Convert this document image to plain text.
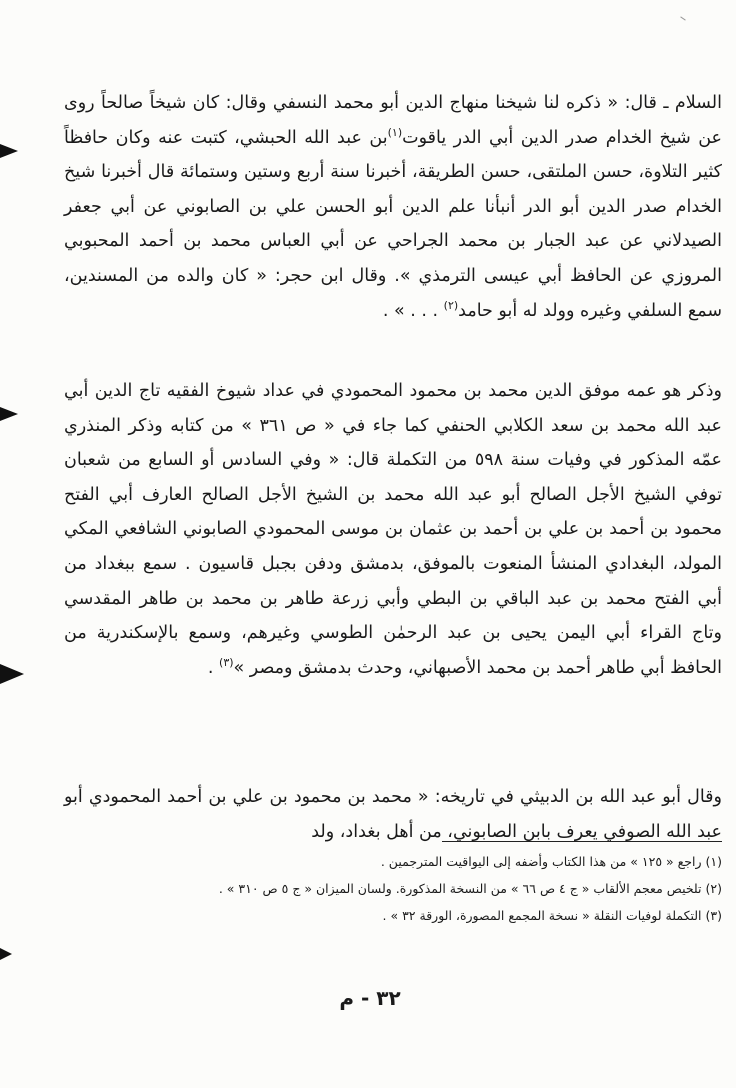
السلام ـ قال: « ذكره لنا شيخنا منهاج الدين أبو محمد النسفي وقال: كان شيخاً صالحاً روى عن شيخ الخدام صدر الدين أبي الدر ياقوت$^{(١)}$بن عبد الله الحبشي، كتبت عنه وكان حافظاً كثير التلاوة، حسن الملتقى، حسن الطريقة، أخبرنا سنة أربع وستين وستمائة قال أخبرنا شيخ الخدام صدر الدين أبو الدر أنبأنا علم الدين أبو الحسن علي بن الصابوني عن أبي جعفر الصيدلاني عن عبد الجبار بن محمد الجراحي عن أبي العباس محمد بن أحمد المحبوبي المروزي عن الحافظ أبي عيسى الترمذي ». وقال ابن حجر: « كان والده من المسندين، سمع السلفي وغيره وولد له أبو حامد$^{(٢)}$ . . . » .

وذكر هو عمه موفق الدين محمد بن محمود المحمودي في عداد شيوخ الفقيه تاج الدين أبي عبد الله محمد بن سعد الكلابي الحنفي كما جاء في « ص ٣٦١ » من كتابه وذكر المنذري عمّه المذكور في وفيات سنة ٥٩٨ من التكملة قال: « وفي السادس أو السابع من شعبان توفي الشيخ الأجل الصالح أبو عبد الله محمد بن الشيخ الأجل الصالح العارف أبي الفتح محمود بن أحمد بن علي بن أحمد بن عثمان بن موسى المحمودي الصابوني الشافعي المكي المولد، البغدادي المنشأ المنعوت بالموفق، بدمشق ودفن بجبل قاسيون . سمع ببغداد من أبي الفتح محمد بن عبد الباقي بن البطي وأبي زرعة طاهر بن محمد بن طاهر المقدسي وتاج القراء أبي اليمن يحيى بن عبد الرحمٰن الطوسي وغيرهم، وسمع بالإسكندرية من الحافظ أبي طاهر أحمد بن محمد الأصبهاني، وحدث بدمشق ومصر »$^{(٣)}$ .

وقال أبو عبد الله بن الدبيثي في تاريخه: « محمد بن محمود بن علي بن أحمد المحمودي أبو عبد الله الصوفي يعرف بابن الصابوني، من أهل بغداد، ولد

(١) راجع « ١٢٥ » من هذا الكتاب وأضفه إلى اليواقيت المترجمين .

(٢) تلخيص معجم الألقاب « ج ٤ ص ٦٦ » من النسخة المذكورة. ولسان الميزان « ج ٥ ص ٣١٠ » .

(٣) التكملة لوفيات النقلة « نسخة المجمع المصورة، الورقة ٣٢ » .

٣٢ - م
